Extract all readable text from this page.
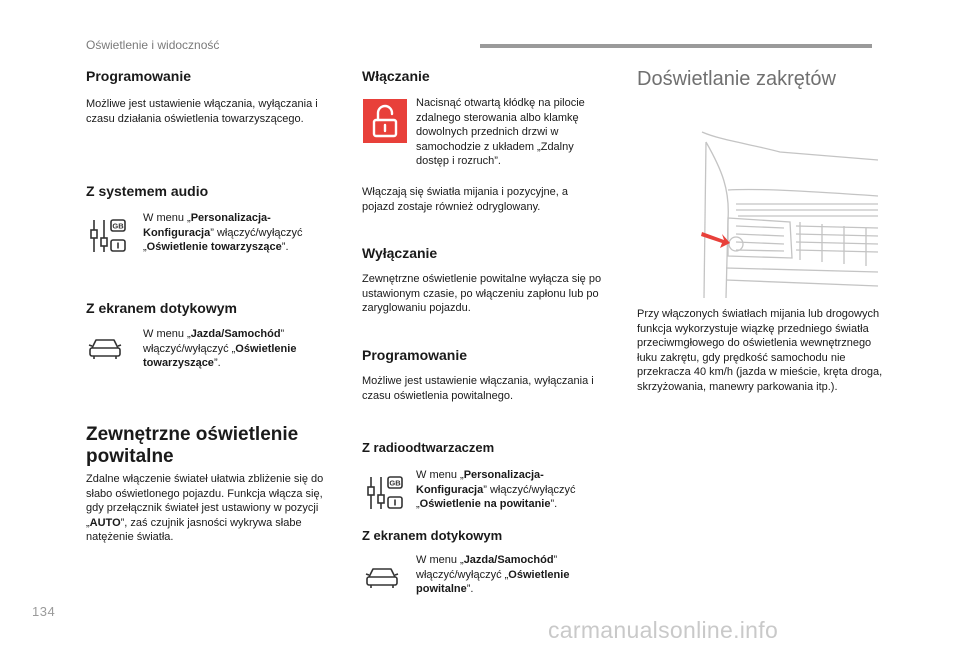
Oświetlenie i widoczność
Programowanie

Możliwe jest ustawienie włączania, wyłączania i czasu działania oświetlenia towarzyszącego.

Z systemem audio
GB

W menu „Personalizacja-Konfiguracja” włączyć/wyłączyć „Oświetlenie towarzyszące”.

Z ekranem dotykowym

W menu „Jazda/Samochód” włączyć/wyłączyć „Oświetlenie towarzyszące”.

Zewnętrzne oświetlenie powitalne

Zdalne włączenie świateł ułatwia zbliżenie się do słabo oświetlonego pojazdu. Funkcja włącza się, gdy przełącznik świateł jest ustawiony w pozycji „AUTO”, zaś czujnik jasności wykrywa słabe natężenie światła.

Włączanie

Nacisnąć otwartą kłódkę na pilocie zdalnego sterowania albo klamkę dowolnych przednich drzwi w samochodzie z układem „Zdalny dostęp i rozruch”.

Włączają się światła mijania i pozycyjne, a pojazd zostaje również odryglowany.

Wyłączanie

Zewnętrzne oświetlenie powitalne wyłącza się po ustawionym czasie, po włączeniu zapłonu lub po zaryglowaniu pojazdu.

Programowanie

Możliwe jest ustawienie włączania, wyłączania i czasu oświetlenia powitalnego.

Z radioodtwarzaczem
GB

W menu „Personalizacja-Konfiguracja” włączyć/wyłączyć „Oświetlenie na powitanie”.

Z ekranem dotykowym

W menu „Jazda/Samochód” włączyć/wyłączyć „Oświetlenie powitalne”.

Doświetlanie zakrętów

Przy włączonych światłach mijania lub drogowych funkcja wykorzystuje wiązkę przedniego światła przeciwmgłowego do oświetlenia wewnętrznego łuku zakrętu, gdy prędkość samochodu nie przekracza 40 km/h (jazda w mieście, kręta droga, skrzyżowania, manewry parkowania itp.).

134
carmanualsonline.info
